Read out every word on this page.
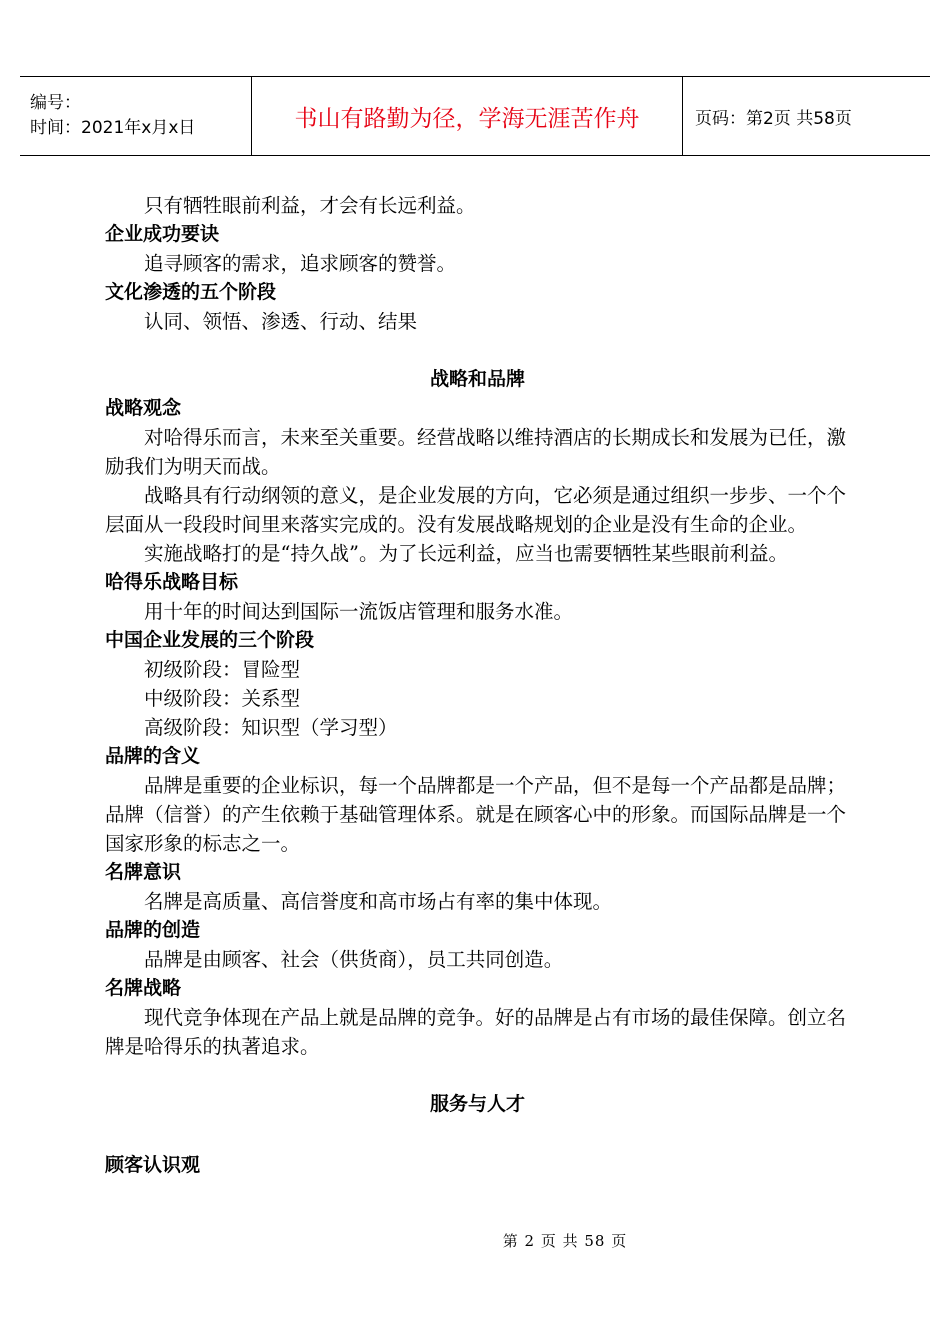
编号：
时间：2021年x月x日	书山有路勤为径，学海无涯苦作舟	页码：第2页 共58页

只有牺牲眼前利益，才会有长远利益。

企业成功要诀

追寻顾客的需求，追求顾客的赞誉。

文化渗透的五个阶段

认同、领悟、渗透、行动、结果

战略和品牌

战略观念

对哈得乐而言，未来至关重要。经营战略以维持酒店的长期成长和发展为已任，激励我们为明天而战。

战略具有行动纲领的意义，是企业发展的方向，它必须是通过组织一步步、一个个层面从一段段时间里来落实完成的。没有发展战略规划的企业是没有生命的企业。

实施战略打的是“持久战”。为了长远利益，应当也需要牺牲某些眼前利益。

哈得乐战略目标

用十年的时间达到国际一流饭店管理和服务水准。

中国企业发展的三个阶段

初级阶段：冒险型

中级阶段：关系型

高级阶段：知识型（学习型）

品牌的含义

品牌是重要的企业标识，每一个品牌都是一个产品，但不是每一个产品都是品牌；品牌（信誉）的产生依赖于基础管理体系。就是在顾客心中的形象。而国际品牌是一个国家形象的标志之一。

名牌意识

名牌是高质量、高信誉度和高市场占有率的集中体现。

品牌的创造

品牌是由顾客、社会（供货商），员工共同创造。

名牌战略

现代竞争体现在产品上就是品牌的竞争。好的品牌是占有市场的最佳保障。创立名牌是哈得乐的执著追求。

服务与人才

顾客认识观

第 2 页 共 58 页
